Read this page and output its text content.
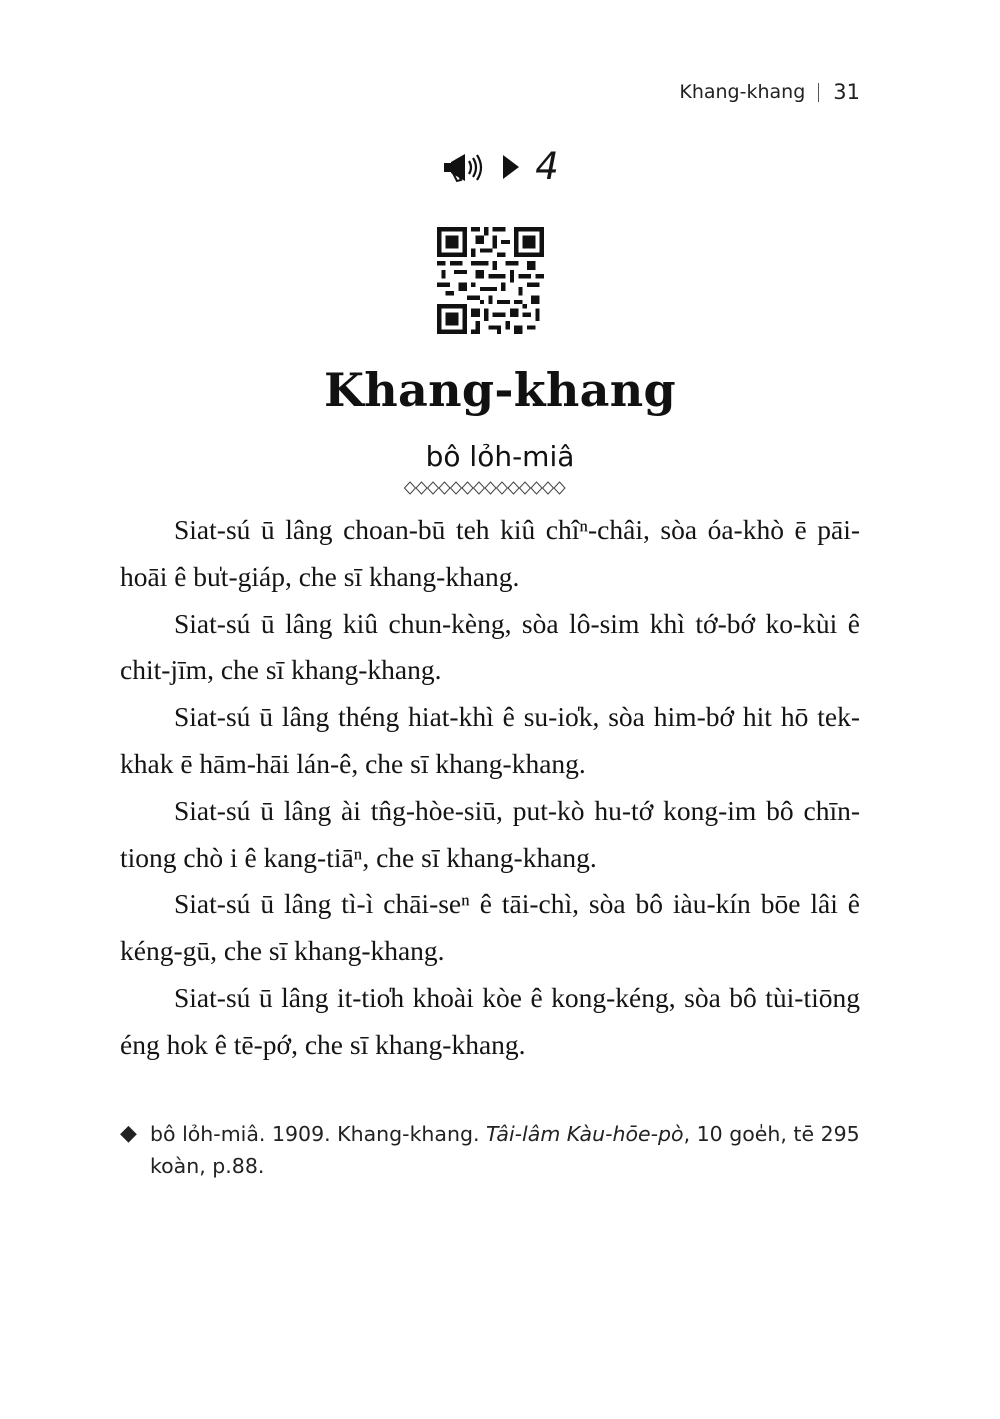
Khang-khang 31
4
Khang-khang
bô lỏh-miâ

Siat-sú ū lâng choan-bū teh kiû chîⁿ-châi, sòa óa-khò ē pāi-hoāi ê bu̍t-giáp, che sī khang-khang.

Siat-sú ū lâng kiû chun-kèng, sòa lô-sim khì tớ-bớ ko-kùi ê chit-jīm, che sī khang-khang.

Siat-sú ū lâng théng hiat-khì ê su-io̍k, sòa him-bớ hit hō tek-khak ē hām-hāi lán-ê, che sī khang-khang.

Siat-sú ū lâng ài tn̂g-hòe-siū, put-kò hu-tớ kong-im bô chīn-tiong chò i ê kang-tiāⁿ, che sī khang-khang.

Siat-sú ū lâng tì-ì chāi-seⁿ ê tāi-chì, sòa bô iàu-kín bōe lâi ê kéng-gū, che sī khang-khang.

Siat-sú ū lâng it-tio̍h khoài kòe ê kong-kéng, sòa bô tùi-tiōng éng hok ê tē-pớ, che sī khang-khang.

◆ bô lỏh-miâ. 1909. Khang-khang. Tâi-lâm Kàu-hōe-pò, 10 goe̍h, tē 295 koàn, p.88.
